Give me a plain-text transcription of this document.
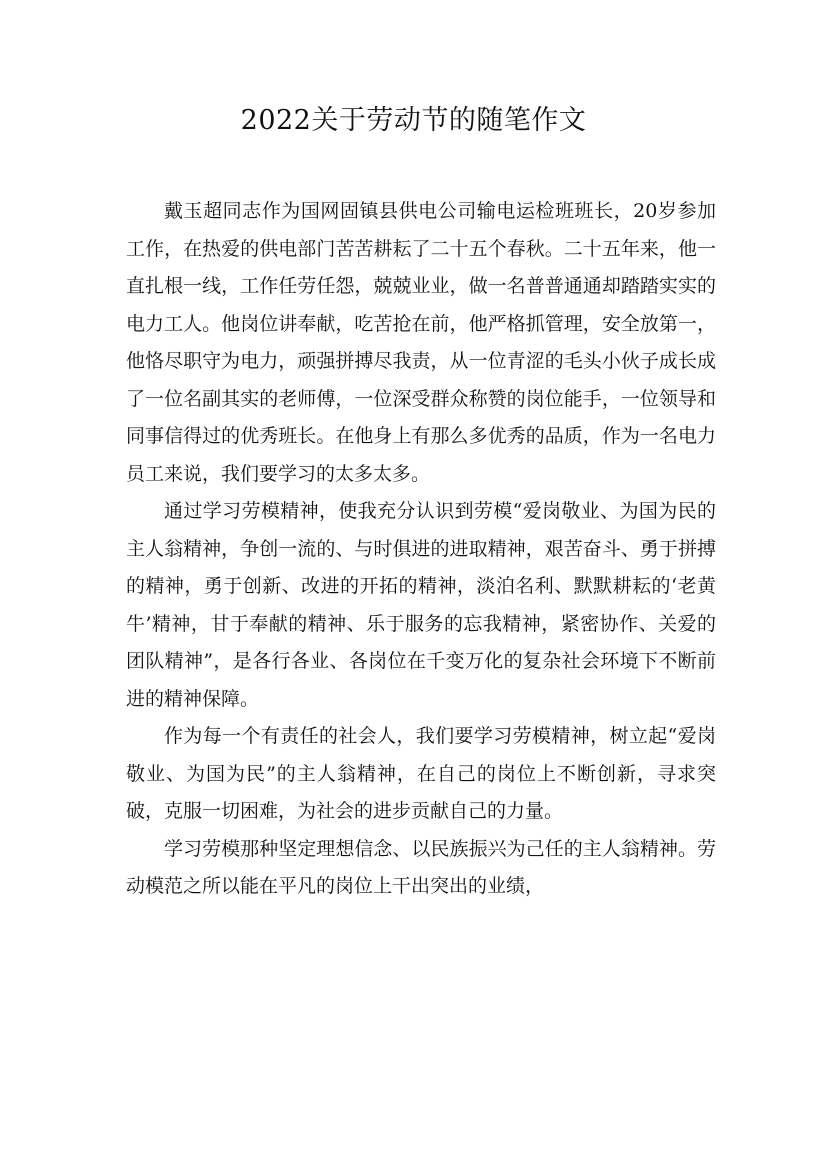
2022关于劳动节的随笔作文

戴玉超同志作为国网固镇县供电公司输电运检班班长，20岁参加工作，在热爱的供电部门苦苦耕耘了二十五个春秋。二十五年来，他一直扎根一线，工作任劳任怨，兢兢业业，做一名普普通通却踏踏实实的电力工人。他岗位讲奉献，吃苦抢在前，他严格抓管理，安全放第一，他恪尽职守为电力，顽强拼搏尽我责，从一位青涩的毛头小伙子成长成了一位名副其实的老师傅，一位深受群众称赞的岗位能手，一位领导和同事信得过的优秀班长。在他身上有那么多优秀的品质，作为一名电力员工来说，我们要学习的太多太多。

通过学习劳模精神，使我充分认识到劳模“爱岗敬业、为国为民的主人翁精神，争创一流的、与时俱进的进取精神，艰苦奋斗、勇于拼搏的精神，勇于创新、改进的开拓的精神，淡泊名利、默默耕耘的‘老黄牛’精神，甘于奉献的精神、乐于服务的忘我精神，紧密协作、关爱的团队精神”，是各行各业、各岗位在千变万化的复杂社会环境下不断前进的精神保障。

作为每一个有责任的社会人，我们要学习劳模精神，树立起“爱岗敬业、为国为民”的主人翁精神，在自己的岗位上不断创新，寻求突破，克服一切困难，为社会的进步贡献自己的力量。

学习劳模那种坚定理想信念、以民族振兴为己任的主人翁精神。劳动模范之所以能在平凡的岗位上干出突出的业绩，
